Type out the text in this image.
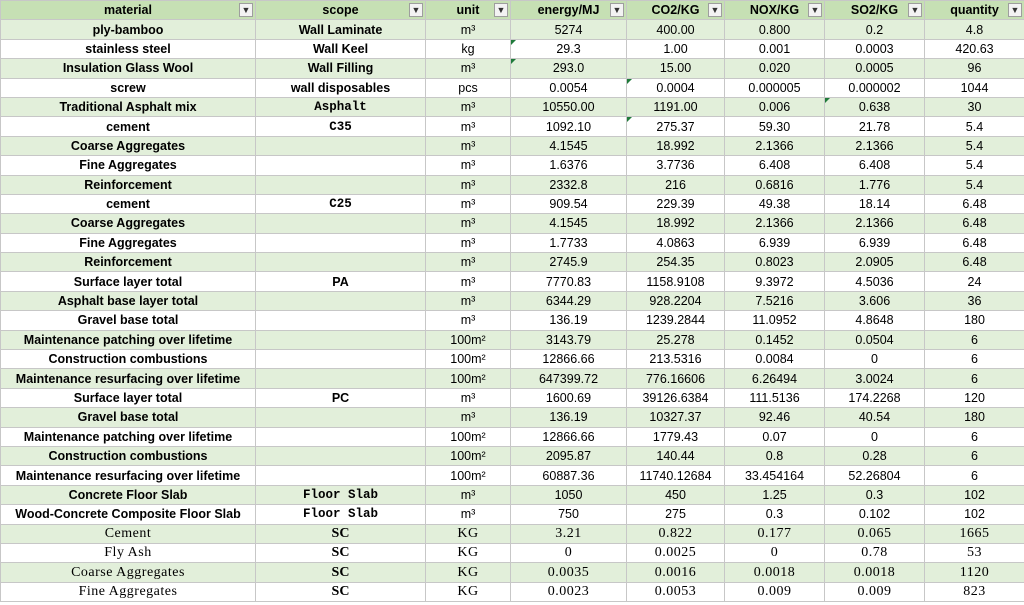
material ▼	scope ▼	unit ▼	energy/MJ ▼	CO2/KG ▼	NOX/KG ▼	SO2/KG ▼	quantity ▼

ply-bamboo	Wall Laminate	m³	5274	400.00	0.800	0.2	4.8
stainless steel	Wall Keel	kg	29.3	1.00	0.001	0.0003	420.63
Insulation Glass Wool	Wall Filling	m³	293.0	15.00	0.020	0.0005	96
screw	wall disposables	pcs	0.0054	0.0004	0.000005	0.000002	1044
Traditional Asphalt mix	Asphalt	m³	10550.00	1191.00	0.006	0.638	30
cement	C35	m³	1092.10	275.37	59.30	21.78	5.4
Coarse Aggregates		m³	4.1545	18.992	2.1366	2.1366	5.4
Fine Aggregates		m³	1.6376	3.7736	6.408	6.408	5.4
Reinforcement		m³	2332.8	216	0.6816	1.776	5.4
cement	C25	m³	909.54	229.39	49.38	18.14	6.48
Coarse Aggregates		m³	4.1545	18.992	2.1366	2.1366	6.48
Fine Aggregates		m³	1.7733	4.0863	6.939	6.939	6.48
Reinforcement		m³	2745.9	254.35	0.8023	2.0905	6.48
Surface layer total	PA	m³	7770.83	1158.9108	9.3972	4.5036	24
Asphalt base layer total		m³	6344.29	928.2204	7.5216	3.606	36
Gravel base total		m³	136.19	1239.2844	11.0952	4.8648	180
Maintenance patching over lifetime		100m²	3143.79	25.278	0.1452	0.0504	6
Construction combustions		100m²	12866.66	213.5316	0.0084	0	6
Maintenance resurfacing over lifetime		100m²	647399.72	776.16606	6.26494	3.0024	6
Surface layer total	PC	m³	1600.69	39126.6384	111.5136	174.2268	120
Gravel base total		m³	136.19	10327.37	92.46	40.54	180
Maintenance patching over lifetime		100m²	12866.66	1779.43	0.07	0	6
Construction combustions		100m²	2095.87	140.44	0.8	0.28	6
Maintenance resurfacing over lifetime		100m²	60887.36	11740.12684	33.454164	52.26804	6
Concrete Floor Slab	Floor Slab	m³	1050	450	1.25	0.3	102
Wood-Concrete Composite Floor Slab	Floor Slab	m³	750	275	0.3	0.102	102
Cement	SC	KG	3.21	0.822	0.177	0.065	1665
Fly Ash	SC	KG	0	0.0025	0	0.78	53
Coarse Aggregates	SC	KG	0.0035	0.0016	0.0018	0.0018	1120
Fine Aggregates	SC	KG	0.0023	0.0053	0.009	0.009	823
